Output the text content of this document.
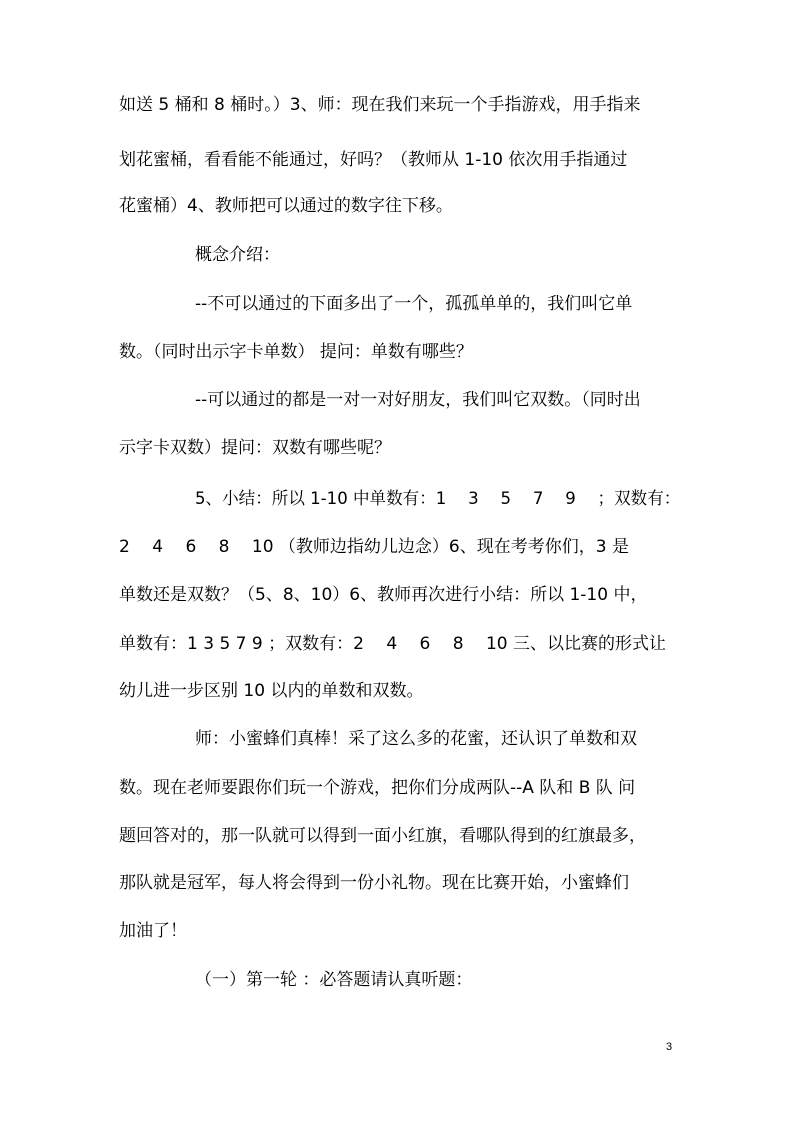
如送 5 桶和 8 桶时。）3、师：现在我们来玩一个手指游戏，用手指来
划花蜜桶，看看能不能通过，好吗？（教师从 1-10 依次用手指通过
花蜜桶）4、教师把可以通过的数字往下移。
概念介绍：
--不可以通过的下面多出了一个，孤孤单单的，我们叫它单
数。（同时出示字卡单数） 提问：单数有哪些？
--可以通过的都是一对一对好朋友，我们叫它双数。（同时出
示字卡双数）提问：双数有哪些呢？
5、小结：所以 1-10 中单数有：1　 3　 5　 7　 9　 ；双数有：
2　 4　 6　 8　 10 （教师边指幼儿边念）6、现在考考你们，3 是
单数还是双数？（5、8、10）6、教师再次进行小结：所以 1-10 中，
单数有：1 3 5 7 9 ；双数有：2　 4　 6　 8　 10 三、以比赛的形式让
幼儿进一步区别 10 以内的单数和双数。
师：小蜜蜂们真棒！采了这么多的花蜜，还认识了单数和双
数。现在老师要跟你们玩一个游戏，把你们分成两队--A 队和 B 队 问
题回答对的，那一队就可以得到一面小红旗，看哪队得到的红旗最多，
那队就是冠军，每人将会得到一份小礼物。现在比赛开始，小蜜蜂们
加油了！
（一）第一轮 ：必答题请认真听题：
3
